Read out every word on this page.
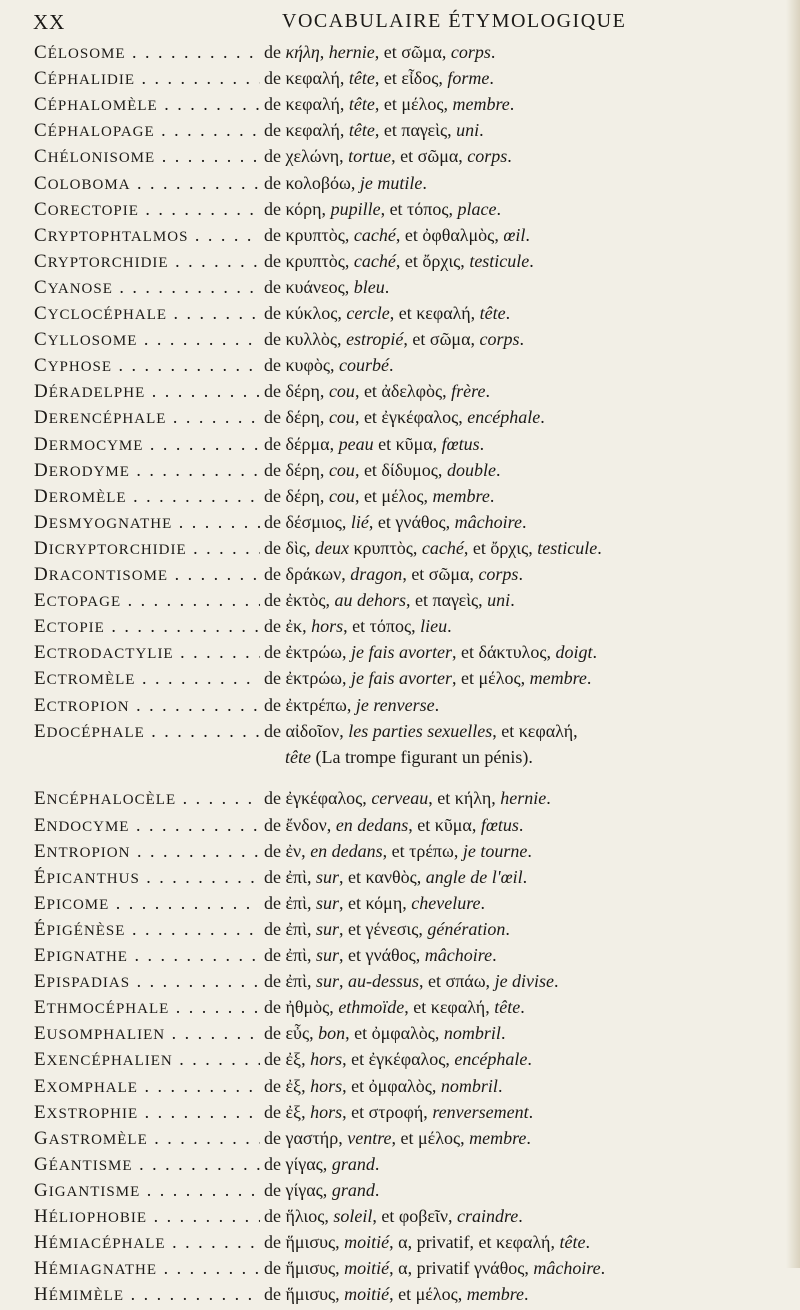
XX	VOCABULAIRE ÉTYMOLOGIQUE
CÉLOSOME . . .	de κήλη, hernie, et σῶμα, corps.
CÉPHALIDIE . . .	de κεφαλή, tête, et εἶδος, forme.
CÉPHALOMÈLE . . .	de κεφαλή, tête, et μέλος, membre.
CÉPHALOPAGE . . .	de κεφαλή, tête, et παγεὶς, uni.
CHÉLONISOME . . .	de χελώνη, tortue, et σῶμα, corps.
COLOBOMA . . .	de κολοβόω, je mutile.
CORECTOPIE . . .	de κόρη, pupille, et τόπος, place.
CRYPTOPHTALMOS . . .	de κρυπτὸς, caché, et ὀφθαλμὸς, œil.
CRYPTORCHIDIE . . .	de κρυπτὸς, caché, et ὄρχις, testicule.
CYANOSE . . .	de κυάνεος, bleu.
CYCLOCÉPHALE . . .	de κύκλος, cercle, et κεφαλή, tête.
CYLLOSOME . . .	de κυλλὸς, estropié, et σῶμα, corps.
CYPHOSE . . .	de κυφὸς, courbé.
DÉRADELPHE . . .	de δέρη, cou, et ἀδελφὸς, frère.
DERENCÉPHALE . . .	de δέρη, cou, et ἐγκέφαλος, encéphale.
DERMOCYME . . .	de δέρμα, peau et κῦμα, fœtus.
DERODYME . . .	de δέρη, cou, et δίδυμος, double.
DEROMÈLE . . .	de δέρη, cou, et μέλος, membre.
DESMYOGNATHE . . .	de δέσμιος, lié, et γνάθος, mâchoire.
DICRYPTORCHIDIE . . .	de δὶς, deux κρυπτὸς, caché, et ὄρχις, testicule.
DRACONTISOME . . .	de δράκων, dragon, et σῶμα, corps.
ECTOPAGE . . .	de ἐκτὸς, au dehors, et παγεὶς, uni.
ECTOPIE . . .	de ἐκ, hors, et τόπος, lieu.
ECTRODACTYLIE . . .	de ἐκτρώω, je fais avorter, et δάκτυλος, doigt.
ECTROMÈLE . . .	de ἐκτρώω, je fais avorter, et μέλος, membre.
ECTROPION . . .	de ἐκτρέπω, je renverse.
EDOCÉPHALE . . .	de αἰδοῖον, les parties sexuelles, et κεφαλή,
tête (La trompe figurant un pénis).
ENCÉPHALOCÈLE . . .	de ἐγκέφαλος, cerveau, et κήλη, hernie.
ENDOCYME . . .	de ἔνδον, en dedans, et κῦμα, fœtus.
ENTROPION . . .	de ἐν, en dedans, et τρέπω, je tourne.
ÉPICANTHUS . . .	de ἐπὶ, sur, et κανθὸς, angle de l'œil.
EPICOME . . .	de ἐπὶ, sur, et κόμη, chevelure.
ÉPIGÉNÈSE . . .	de ἐπὶ, sur, et γένεσις, génération.
EPIGNATHE . . .	de ἐπὶ, sur, et γνάθος, mâchoire.
EPISPADIAS . . .	de ἐπὶ, sur, au-dessus, et σπάω, je divise.
ETHMOCÉPHALE . . .	de ἠθμὸς, ethmoïde, et κεφαλή, tête.
EUSOMPHALIEN . . .	de εὖς, bon, et ὀμφαλὸς, nombril.
EXENCÉPHALIEN . . .	de ἐξ, hors, et ἐγκέφαλος, encéphale.
EXOMPHALE . . .	de ἐξ, hors, et ὀμφαλὸς, nombril.
EXSTROPHIE . . .	de ἐξ, hors, et στροφή, renversement.
GASTROMÈLE . . .	de γαστήρ, ventre, et μέλος, membre.
GÉANTISME . . .	de γίγας, grand.
GIGANTISME . . .	de γίγας, grand.
HÉLIOPHOBIE . . .	de ἥλιος, soleil, et φοβεῖν, craindre.
HÉMIACÉPHALE . . .	de ἥμισυς, moitié, α, privatif, et κεφαλή, tête.
HÉMIAGNATHE . . .	de ἥμισυς, moitié, α, privatif γνάθος, mâchoire.
HÉMIMÈLE . . .	de ἥμισυς, moitié, et μέλος, membre.
